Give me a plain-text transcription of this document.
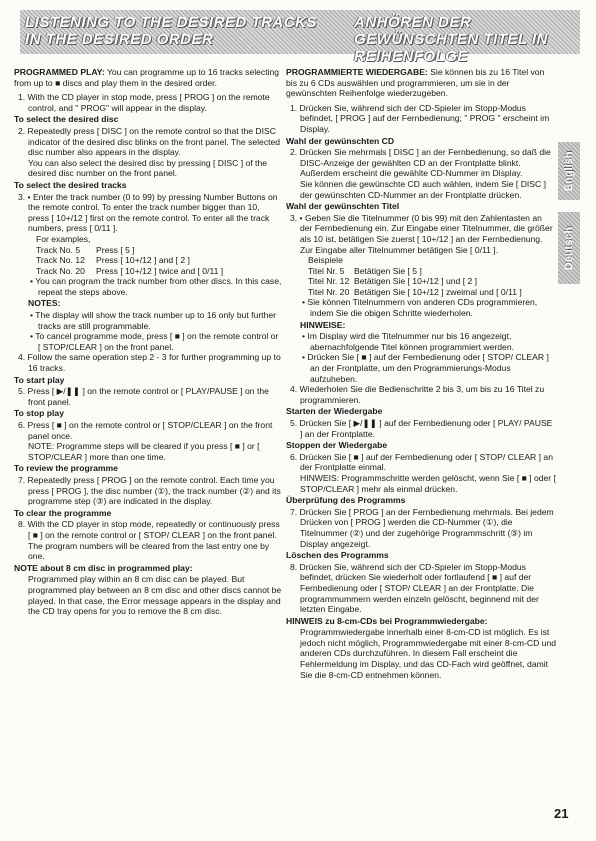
LISTENING TO THE DESIRED TRACKS IN THE DESIRED ORDER
ANHÖREN DER GEWÜNSCHTEN TITEL IN REIHENFOLGE

PROGRAMMED PLAY: You can programme up to 16 tracks selecting from up to ■ discs and play them in the desired order.

1. With the CD player in stop mode, press [ PROG ] on the remote control, and " PROG" will appear in the display.

To select the desired disc

2. Repeatedly press [ DISC ] on the remote control so that the DISC indicator of the desired disc blinks on the front panel. The selected disc number also appears in the display.

You can also select the desired disc by pressing [ DISC ] of the desired disc number on the front panel.

To select the desired tracks

3. • Enter the track number (0 to 99) by pressing Number Buttons on the remote control. To enter the track number bigger than 10, press [ 10+/12 ] first on the remote control. To enter all the track numbers, press [ 0/11 ].

For examples,

Track No. 5 Press [ 5 ]

Track No. 12 Press [ 10+/12 ] and [ 2 ]

Track No. 20 Press [ 10+/12 ] twice and [ 0/11 ]

• You can program the track number from other discs. In this case, repeat the steps above.

NOTES:

• The display will show the track number up to 16 only but further tracks are still programmable.

• To cancel programme mode, press [ ■ ] on the remote control or [ STOP/CLEAR ] on the front panel.

4. Follow the same operation step 2 - 3 for further programming up to 16 tracks.

To start play

5. Press [ ▶/❚❚ ] on the remote control or [ PLAY/PAUSE ] on the front panel.

To stop play

6. Press [ ■ ] on the remote control or [ STOP/CLEAR ] on the front panel once.

NOTE: Programme steps will be cleared if you press [ ■ ] or [ STOP/CLEAR ] more than one time.

To review the programme

7. Repeatedly press [ PROG ] on the remote control. Each time you press [ PROG ], the disc number (①), the track number (②) and its programme step (③) are indicated in the display.

To clear the programme

8. With the CD player in stop mode, repeatedly or continuously press [ ■ ] on the remote control or [ STOP/ CLEAR ] on the front panel. The program numbers will be cleared from the last entry one by one.

NOTE about 8 cm disc in programmed play:

Programmed play within an 8 cm disc can be played. But programmed play between an 8 cm disc and other discs cannot be played. In that case, the Error message appears in the display and the CD tray opens for you to remove the 8 cm disc.

PROGRAMMIERTE WIEDERGABE: Sie können bis zu 16 Titel von bis zu 6 CDs auswählen und programmieren, um sie in der gewünschten Reihenfolge wiederzugeben.

1. Drücken Sie, während sich der CD-Spieler im Stopp-Modus befindet, [ PROG ] auf der Fernbedienung; " PROG " erscheint im Display.

Wahl der gewünschten CD

2. Drücken Sie mehrmals [ DISC ] an der Fernbedienung, so daß die DISC-Anzeige der gewählten CD an der Frontplatte blinkt. Außerdem erscheint die gewählte CD-Nummer im Display.

Sie können die gewünschte CD auch wählen, indem Sie [ DISC ] der gewünschten CD-Nummer an der Frontplatte drücken.

Wahl der gewünschten Titel

3. • Geben Sie die Titelnummer (0 bis 99) mit den Zahlentasten an der Fernbedienung ein. Zur Eingabe einer Titelnummer, die größer als 10 ist, betätigen Sie zuerst [ 10+/12 ] an der Fernbedienung. Zur Eingabe aller Titelnummer betätigen Sie [ 0/11 ].

Beispiele

Titel Nr. 5 Betätigen Sie [ 5 ]

Titel Nr. 12 Betätigen Sie [ 10+/12 ] und [ 2 ]

Titel Nr. 20 Betätigen Sie [ 10+/12 ] zweimal und [ 0/11 ]

• Sie können Titelnummern von anderen CDs programmieren, indem Sie die obigen Schritte wiederholen.

HINWEISE:

• Im Display wird die Titelnummer nur bis 16 angezeigt, abernachfolgende Titel können programmiert werden.

• Drücken Sie [ ■ ] auf der Fernbedienung oder [ STOP/ CLEAR ] an der Frontplatte, um den Programmierungs-Modus aufzuheben.

4. Wiederholen Sie die Bedienschritte 2 bis 3, um bis zu 16 Titel zu programmieren.

Starten der Wiedergabe

5. Drücken Sie [ ▶/❚❚ ] auf der Fernbedienung oder [ PLAY/ PAUSE ] an der Frontplatte.

Stoppen der Wiedergabe

6. Drücken Sie [ ■ ] auf der Fernbedienung oder [ STOP/ CLEAR ] an der Frontplatte einmal.

HINWEIS: Programmschritte werden gelöscht, wenn Sie [ ■ ] oder [ STOP/CLEAR ] mehr als einmal drücken.

Überprüfung des Programms

7. Drücken Sie [ PROG ] an der Fernbedienung mehrmals. Bei jedem Drücken von [ PROG ] werden die CD-Nummer (①), die Titelnummer (②) und der zugehörige Programmschritt (③) im Display angezeigt.

Löschen des Programms

8. Drücken Sie, während sich der CD-Spieler im Stopp-Modus befindet, drücken Sie wiederholt oder fortlaufend [ ■ ] auf der Fernbedienung oder [ STOP/ CLEAR ] an der Frontplatte. Die programmummern werden einzeln gelöscht, beginnend mit der letzten Eingabe.

HINWEIS zu 8-cm-CDs bei Programmwiedergabe:

Programmwiedergabe innerhalb einer 8-cm-CD ist möglich. Es ist jedoch nicht möglich, Programmwiedergabe mit einer 8-cm-CD und anderen CDs durchzuführen. In diesem Fall erscheint die Fehlermeldung im Display, und das CD-Fach wird geöffnet, damit Sie die 8-cm-CD entnehmen können.

English
Deutsch
21
